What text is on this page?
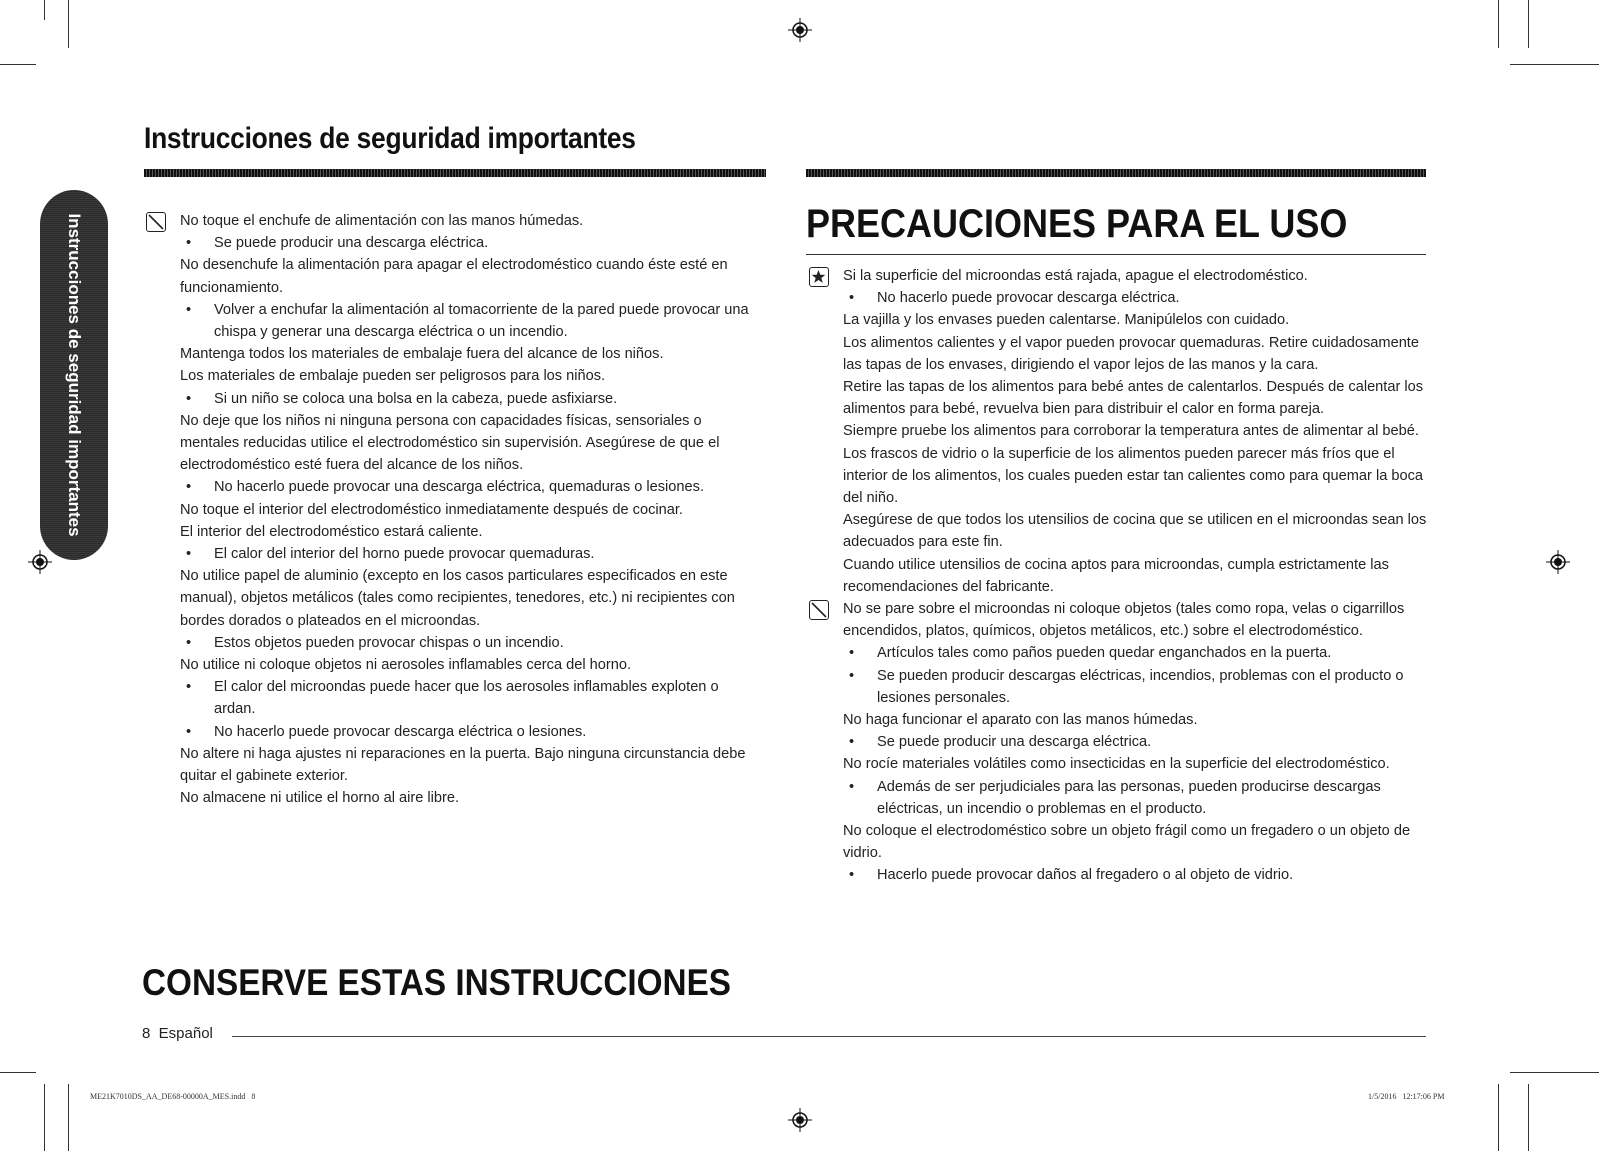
Instrucciones de seguridad importantes
Instrucciones de seguridad importantes	No toque el enchufe de alimentación con las manos húmedas.

• Se puede producir una descarga eléctrica.

No desenchufe la alimentación para apagar el electrodoméstico cuando éste esté en funcionamiento.

• Volver a enchufar la alimentación al tomacorriente de la pared puede provocar una chispa y generar una descarga eléctrica o un incendio.

Mantenga todos los materiales de embalaje fuera del alcance de los niños.

Los materiales de embalaje pueden ser peligrosos para los niños.

• Si un niño se coloca una bolsa en la cabeza, puede asfixiarse.

No deje que los niños ni ninguna persona con capacidades físicas, sensoriales o mentales reducidas utilice el electrodoméstico sin supervisión. Asegúrese de que el electrodoméstico esté fuera del alcance de los niños.

• No hacerlo puede provocar una descarga eléctrica, quemaduras o lesiones.

No toque el interior del electrodoméstico inmediatamente después de cocinar.

El interior del electrodoméstico estará caliente.

• El calor del interior del horno puede provocar quemaduras.

No utilice papel de aluminio (excepto en los casos particulares especificados en este manual), objetos metálicos (tales como recipientes, tenedores, etc.) ni recipientes con bordes dorados o plateados en el microondas.

• Estos objetos pueden provocar chispas o un incendio.

No utilice ni coloque objetos ni aerosoles inflamables cerca del horno.

• El calor del microondas puede hacer que los aerosoles inflamables exploten o ardan.

• No hacerlo puede provocar descarga eléctrica o lesiones.

No altere ni haga ajustes ni reparaciones en la puerta. Bajo ninguna circunstancia debe quitar el gabinete exterior.

No almacene ni utilice el horno al aire libre.

PRECAUCIONES PARA EL USO

Si la superficie del microondas está rajada, apague el electrodoméstico.

• No hacerlo puede provocar descarga eléctrica.

La vajilla y los envases pueden calentarse. Manipúlelos con cuidado.

Los alimentos calientes y el vapor pueden provocar quemaduras. Retire cuidadosamente las tapas de los envases, dirigiendo el vapor lejos de las manos y la cara.

Retire las tapas de los alimentos para bebé antes de calentarlos. Después de calentar los alimentos para bebé, revuelva bien para distribuir el calor en forma pareja.

Siempre pruebe los alimentos para corroborar la temperatura antes de alimentar al bebé. Los frascos de vidrio o la superficie de los alimentos pueden parecer más fríos que el interior de los alimentos, los cuales pueden estar tan calientes como para quemar la boca del niño.

Asegúrese de que todos los utensilios de cocina que se utilicen en el microondas sean los adecuados para este fin.

Cuando utilice utensilios de cocina aptos para microondas, cumpla estrictamente las recomendaciones del fabricante.

No se pare sobre el microondas ni coloque objetos (tales como ropa, velas o cigarrillos encendidos, platos, químicos, objetos metálicos, etc.) sobre el electrodoméstico.

• Artículos tales como paños pueden quedar enganchados en la puerta.

• Se pueden producir descargas eléctricas, incendios, problemas con el producto o lesiones personales.

No haga funcionar el aparato con las manos húmedas.

• Se puede producir una descarga eléctrica.

No rocíe materiales volátiles como insecticidas en la superficie del electrodoméstico.

• Además de ser perjudiciales para las personas, pueden producirse descargas eléctricas, un incendio o problemas en el producto.

No coloque el electrodoméstico sobre un objeto frágil como un fregadero o un objeto de vidrio.

• Hacerlo puede provocar daños al fregadero o al objeto de vidrio.

CONSERVE ESTAS INSTRUCCIONES
8  Español
ME21K7010DS_AA_DE68-00000A_MES.indd   8	1/5/2016   12:17:06 PM
